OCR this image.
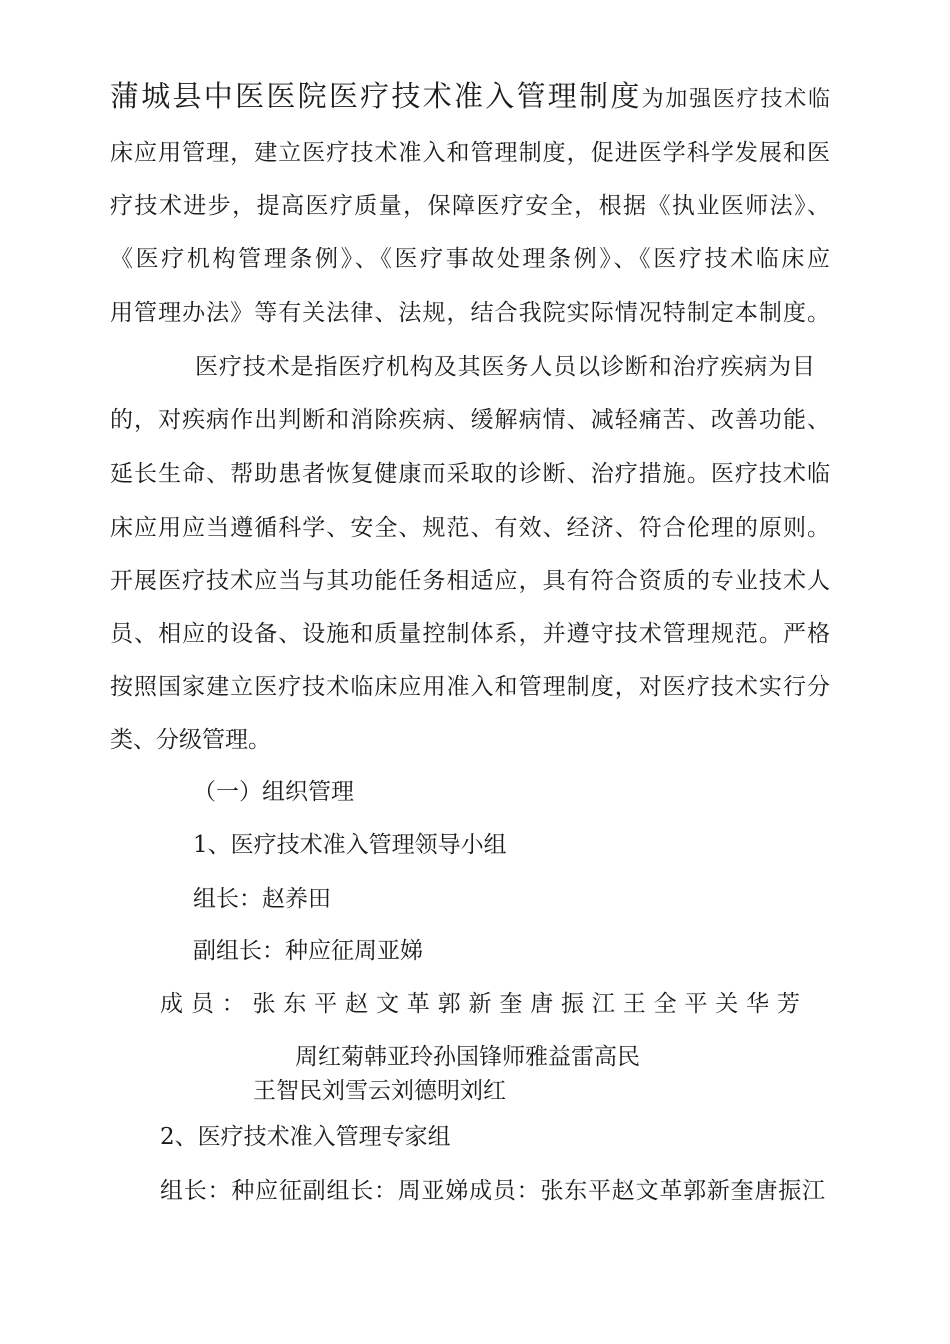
蒲城县中医医院医疗技术准入管理制度为加强医疗技术临
床应用管理，建立医疗技术准入和管理制度，促进医学科学发展和医
疗技术进步，提高医疗质量，保障医疗安全，根据《执业医师法》、
《医疗机构管理条例》、《医疗事故处理条例》、《医疗技术临床应
用管理办法》等有关法律、法规，结合我院实际情况特制定本制度。
医疗技术是指医疗机构及其医务人员以诊断和治疗疾病为目
的，对疾病作出判断和消除疾病、缓解病情、减轻痛苦、改善功能、
延长生命、帮助患者恢复健康而采取的诊断、治疗措施。医疗技术临
床应用应当遵循科学、安全、规范、有效、经济、符合伦理的原则。
开展医疗技术应当与其功能任务相适应，具有符合资质的专业技术人
员、相应的设备、设施和质量控制体系，并遵守技术管理规范。严格
按照国家建立医疗技术临床应用准入和管理制度，对医疗技术实行分
类、分级管理。
（一）组织管理
1、医疗技术准入管理领导小组
组长：赵养田
副组长：种应征周亚娣
成员：张东平赵文革郭新奎唐振江王全平关华芳
周红菊韩亚玲孙国锋师雅益雷高民
王智民刘雪云刘德明刘红
2、医疗技术准入管理专家组
组长：种应征副组长：周亚娣成员：张东平赵文革郭新奎唐振江
